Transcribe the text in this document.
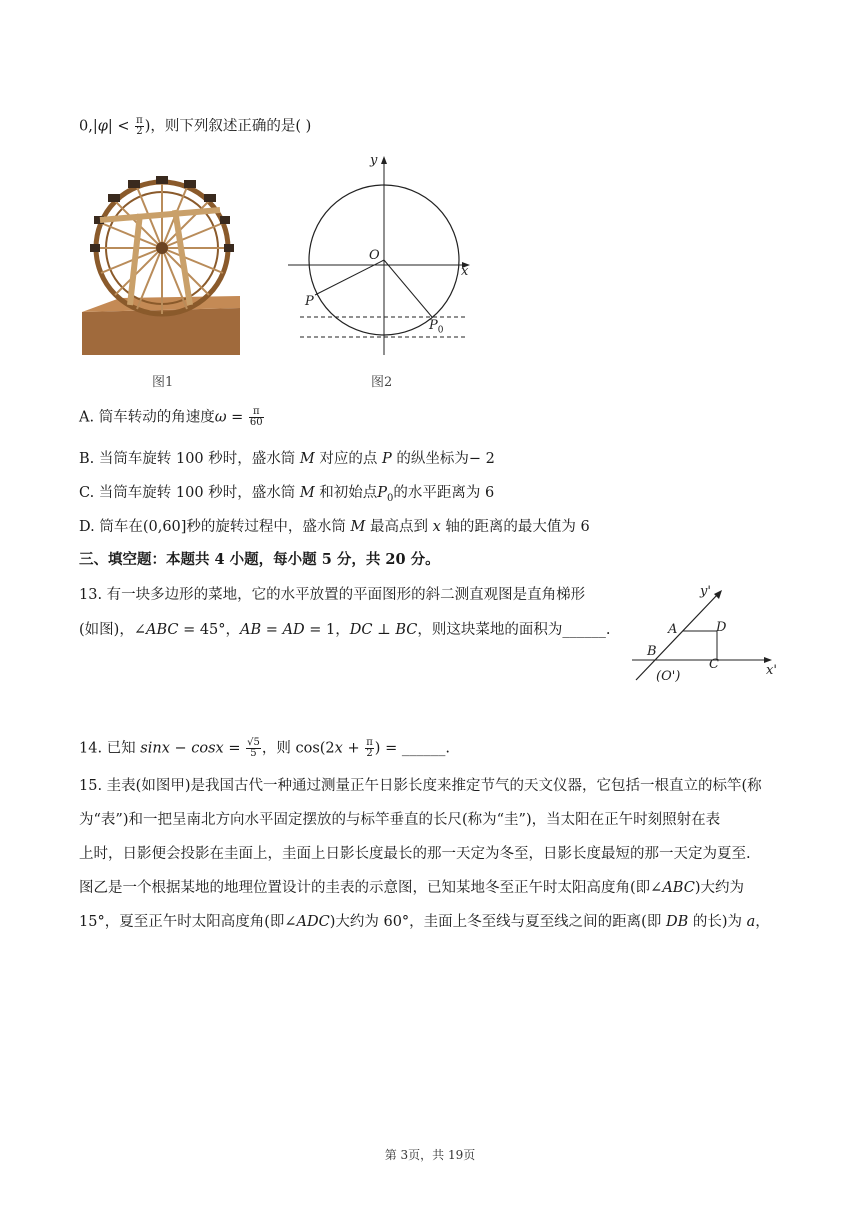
$0,|\varphi| < \frac{\pi}{2}$ )，则下列叙述正确的是( )
图1
y
x
O
P
$P_0$
图2
A. 筒车转动的角速度$\omega = \frac{\pi}{60}$
B. 当筒车旋转 100 秒时，盛水筒 M 对应的点 P 的纵坐标为− 2
C. 当筒车旋转 100 秒时，盛水筒 M 和初始点$P_0$的水平距离为 6
D. 筒车在(0,60]秒的旋转过程中，盛水筒 M 最高点到 x 轴的距离的最大值为 6
三、填空题：本题共 4 小题，每小题 5 分，共 20 分。
13. 有一块多边形的菜地，它的水平放置的平面图形的斜二测直观图是直角梯形
(如图)，∠ABC = 45°，AB = AD = 1，DC ⊥ BC，则这块菜地的面积为______.
y'
x'
A	D
B
C
(O')
14. 已知 $\sin x - \cos x = \frac{√5}{5}$ ，则 $\cos(2x + \frac{\pi}{2}$ ) = ______.
15. 圭表(如图甲)是我国古代一种通过测量正午日影长度来推定节气的天文仪器，它包括一根直立的标竿(称
为“表”)和一把呈南北方向水平固定摆放的与标竿垂直的长尺(称为“圭”)，当太阳在正午时刻照射在表
上时，日影便会投影在圭面上，圭面上日影长度最长的那一天定为冬至，日影长度最短的那一天定为夏至.
图乙是一个根据某地的地理位置设计的圭表的示意图，已知某地冬至正午时太阳高度角(即∠ABC)大约为
15°，夏至正午时太阳高度角(即∠ADC)大约为 60°，圭面上冬至线与夏至线之间的距离(即 DB 的长)为 a，
第 3页，共 19页
